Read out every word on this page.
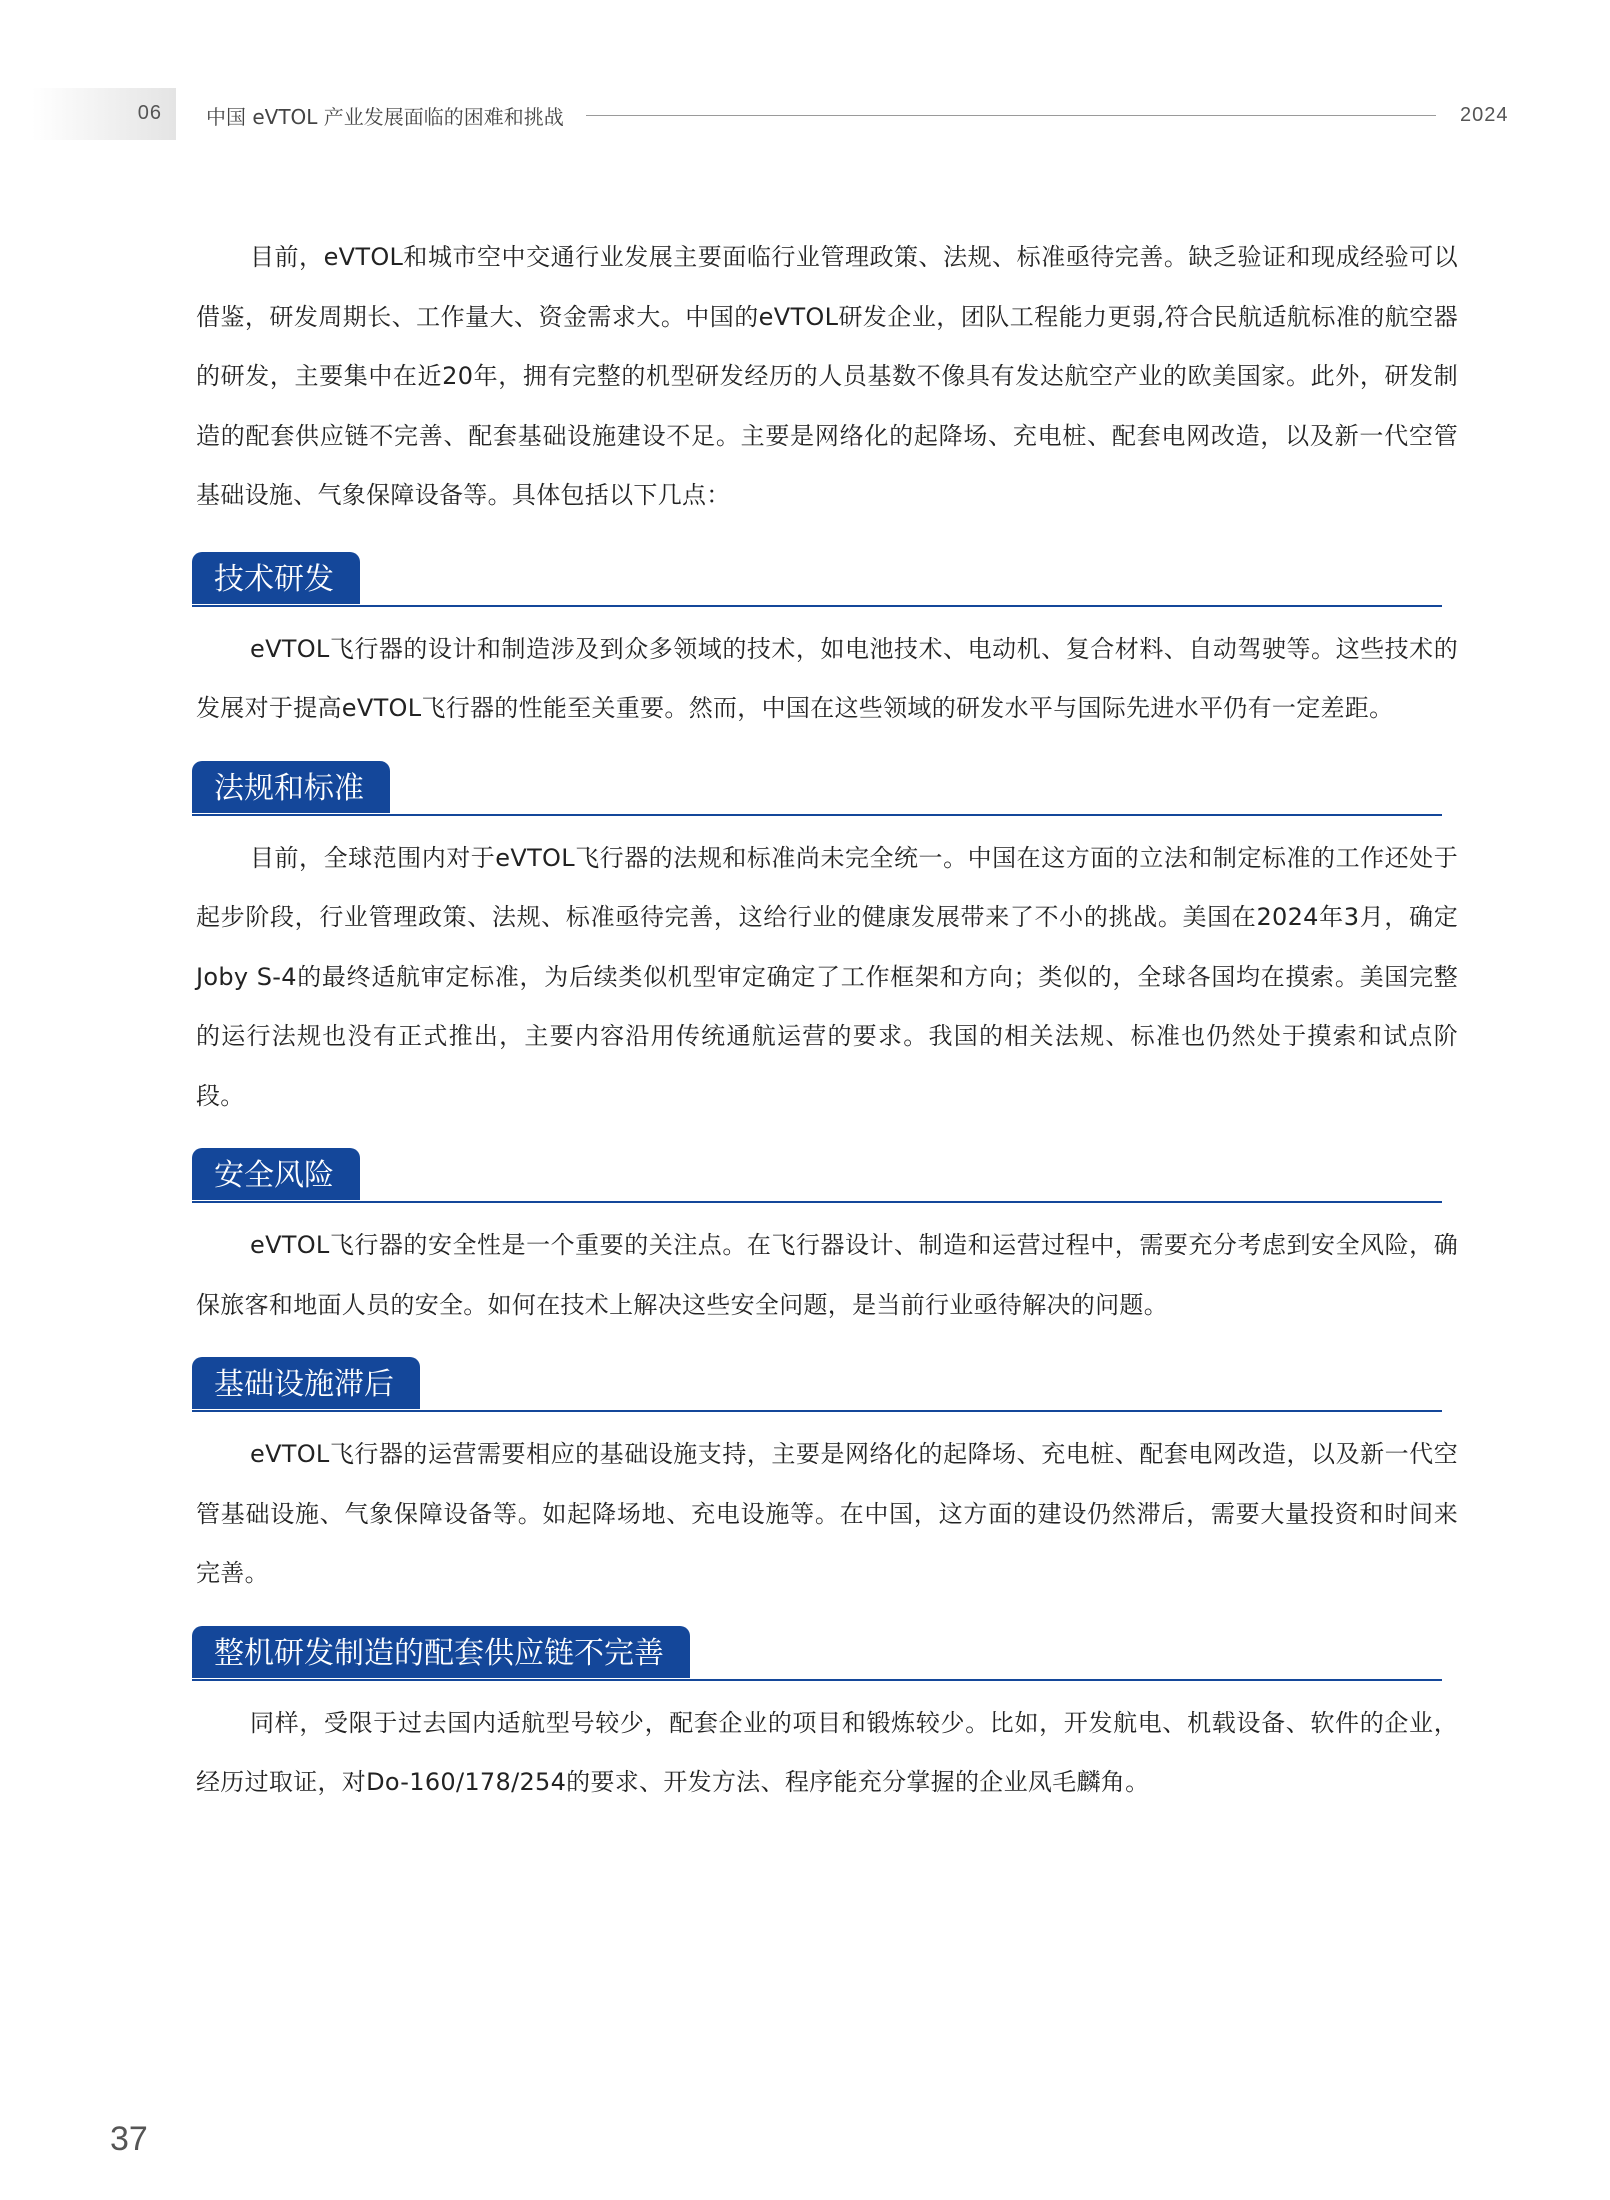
06 中国 eVTOL 产业发展面临的困难和挑战	2024

目前，eVTOL和城市空中交通行业发展主要面临行业管理政策、法规、标准亟待完善。缺乏验证和现成经验可以借鉴，研发周期长、工作量大、资金需求大。中国的eVTOL研发企业，团队工程能力更弱,符合民航适航标准的航空器的研发，主要集中在近20年，拥有完整的机型研发经历的人员基数不像具有发达航空产业的欧美国家。此外，研发制造的配套供应链不完善、配套基础设施建设不足。主要是网络化的起降场、充电桩、配套电网改造，以及新一代空管基础设施、气象保障设备等。具体包括以下几点：

技术研发

eVTOL飞行器的设计和制造涉及到众多领域的技术，如电池技术、电动机、复合材料、自动驾驶等。这些技术的发展对于提高eVTOL飞行器的性能至关重要。然而，中国在这些领域的研发水平与国际先进水平仍有一定差距。

法规和标准

目前，全球范围内对于eVTOL飞行器的法规和标准尚未完全统一。中国在这方面的立法和制定标准的工作还处于起步阶段，行业管理政策、法规、标准亟待完善，这给行业的健康发展带来了不小的挑战。美国在2024年3月，确定Joby S-4的最终适航审定标准，为后续类似机型审定确定了工作框架和方向；类似的，全球各国均在摸索。美国完整的运行法规也没有正式推出，主要内容沿用传统通航运营的要求。我国的相关法规、标准也仍然处于摸索和试点阶段。

安全风险

eVTOL飞行器的安全性是一个重要的关注点。在飞行器设计、制造和运营过程中，需要充分考虑到安全风险，确保旅客和地面人员的安全。如何在技术上解决这些安全问题，是当前行业亟待解决的问题。

基础设施滞后

eVTOL飞行器的运营需要相应的基础设施支持，主要是网络化的起降场、充电桩、配套电网改造，以及新一代空管基础设施、气象保障设备等。如起降场地、充电设施等。在中国，这方面的建设仍然滞后，需要大量投资和时间来完善。

整机研发制造的配套供应链不完善

同样，受限于过去国内适航型号较少，配套企业的项目和锻炼较少。比如，开发航电、机载设备、软件的企业，经历过取证，对Do-160/178/254的要求、开发方法、程序能充分掌握的企业凤毛麟角。

37
